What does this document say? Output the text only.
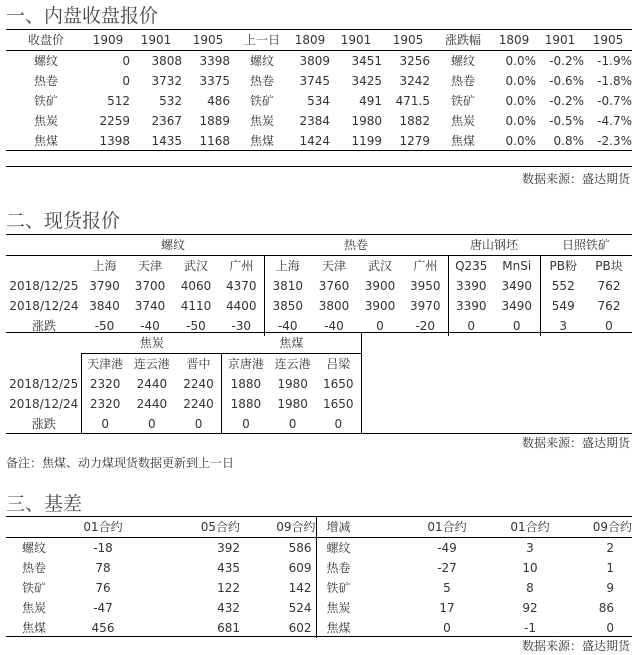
一、内盘收盘报价
收盘价	1909	1901	1905	上一日	1809	1901	1905	涨跌幅	1809	1901	1905
螺纹	0	3808	3398	螺纹	3809	3451	3256	螺纹	0.0%	-0.2%	-1.9%
热卷	0	3732	3375	热卷	3745	3425	3242	热卷	0.0%	-0.6%	-1.8%
铁矿	512	532	486	铁矿	534	491	471.5	铁矿	0.0%	-0.2%	-0.7%
焦炭	2259	2367	1889	焦炭	2384	1980	1882	焦炭	0.0%	-0.5%	-4.7%
焦煤	1398	1435	1168	焦煤	1424	1199	1279	焦煤	0.0%	0.8%	-2.3%
数据来源：盛达期货
二、现货报价
	螺纹				热卷				唐山钢坯		日照铁矿	
	上海	天津	武汉	广州	上海	天津	武汉	广州	Q235	MnSi	PB粉	PB块
2018/12/25	3790	3700	4060	4370	3810	3760	3900	3950	3390	3490	552	762
2018/12/24	3840	3740	4110	4400	3850	3800	3900	3970	3390	3490	549	762
涨跌	-50	-40	-50	-30	-40	-40	0	-20	0	0	3	0
	焦炭			焦煤		
	天津港	连云港	晋中	京唐港	连云港	吕梁
2018/12/25	2320	2440	2240	1880	1980	1650
2018/12/24	2320	2440	2240	1880	1980	1650
涨跌	0	0	0	0	0	0
数据来源：盛达期货
备注：焦煤、动力煤现货数据更新到上一日
三、基差
	01合约	05合约	09合约	增减	01合约	01合约	09合约
螺纹	-18	392	586	螺纹	-49	3	2
热卷	78	435	609	热卷	-27	10	1
铁矿	76	122	142	铁矿	5	8	9
焦炭	-47	432	524	焦炭	17	92	86
焦煤	456	681	602	焦煤	0	-1	0
数据来源：盛达期货
